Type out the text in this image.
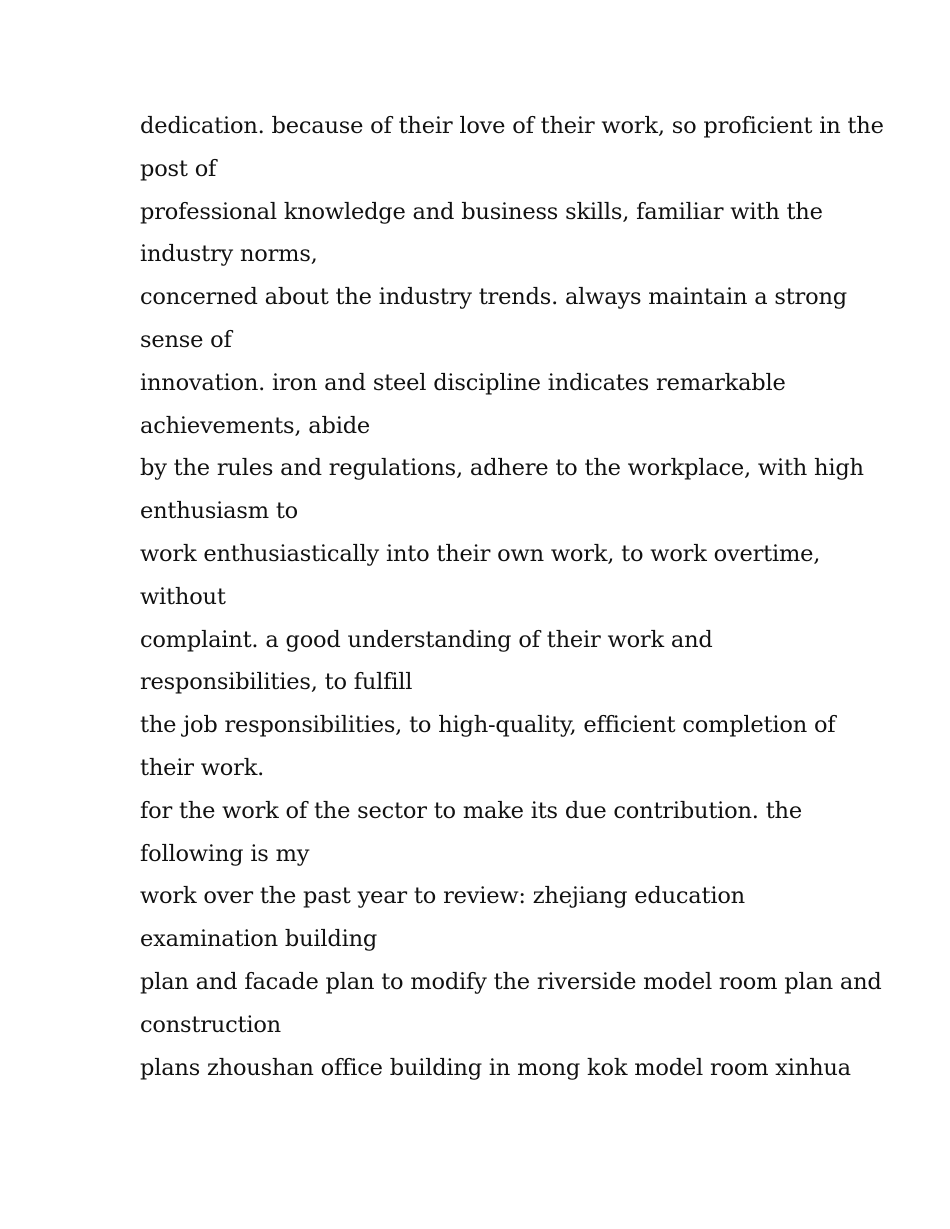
dedication. because of their love of their work, so proficient in the
post of
professional knowledge and business skills, familiar with the
industry norms,
concerned about the industry trends. always maintain a strong
sense of
innovation. iron and steel discipline indicates remarkable
achievements, abide
by the rules and regulations, adhere to the workplace, with high
enthusiasm to
work enthusiastically into their own work, to work overtime,
without
complaint. a good understanding of their work and
responsibilities, to fulfill
the job responsibilities, to high-quality, efficient completion of
their work.
for the work of the sector to make its due contribution. the
following is my
work over the past year to review: zhejiang education
examination building
plan and facade plan to modify the riverside model room plan and
construction
plans zhoushan office building in mong kok model room xinhua
